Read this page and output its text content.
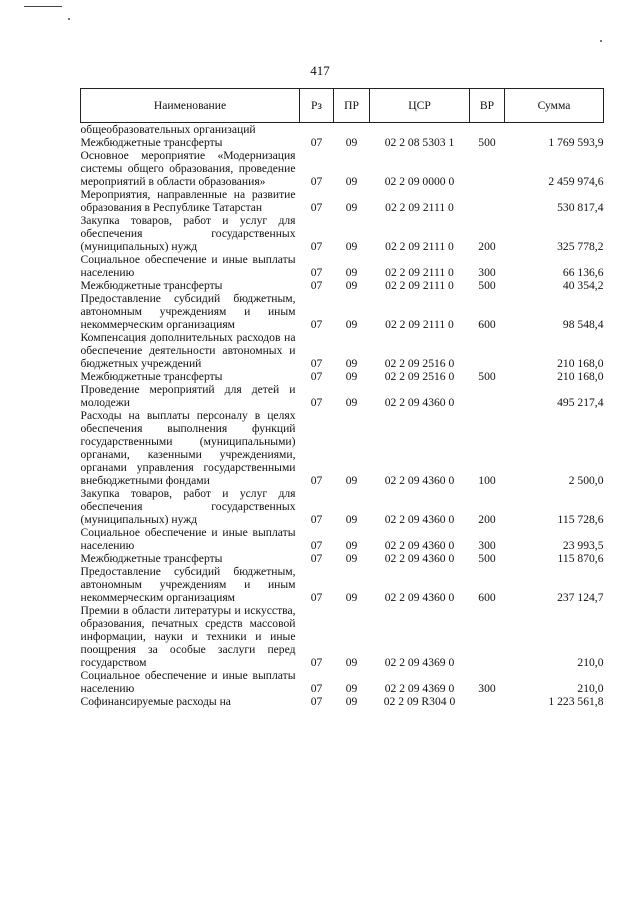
417
Наименование	Рз	ПР	ЦСР	ВР	Сумма
общеобразовательных организаций					
Межбюджетные трансферты	07	09	02 2 08 5303 1	500	1 769 593,9
Основное мероприятие «Модернизация системы общего образования, проведение мероприятий в области образования»	07	09	02 2 09 0000 0		2 459 974,6
Мероприятия, направленные на развитие образования в Республике Татарстан	07	09	02 2 09 2111 0		530 817,4
Закупка товаров, работ и услуг для обеспечения государственных (муниципальных) нужд	07	09	02 2 09 2111 0	200	325 778,2
Социальное обеспечение и иные выплаты населению	07	09	02 2 09 2111 0	300	66 136,6
Межбюджетные трансферты	07	09	02 2 09 2111 0	500	40 354,2
Предоставление субсидий бюджетным, автономным учреждениям и иным некоммерческим организациям	07	09	02 2 09 2111 0	600	98 548,4
Компенсация дополнительных расходов на обеспечение деятельности автономных и бюджетных учреждений	07	09	02 2 09 2516 0		210 168,0
Межбюджетные трансферты	07	09	02 2 09 2516 0	500	210 168,0
Проведение мероприятий для детей и молодежи	07	09	02 2 09 4360 0		495 217,4
Расходы на выплаты персоналу в целях обеспечения выполнения функций государственными (муниципальными) органами, казенными учреждениями, органами управления государственными внебюджетными фондами	07	09	02 2 09 4360 0	100	2 500,0
Закупка товаров, работ и услуг для обеспечения государственных (муниципальных) нужд	07	09	02 2 09 4360 0	200	115 728,6
Социальное обеспечение и иные выплаты населению	07	09	02 2 09 4360 0	300	23 993,5
Межбюджетные трансферты	07	09	02 2 09 4360 0	500	115 870,6
Предоставление субсидий бюджетным, автономным учреждениям и иным некоммерческим организациям	07	09	02 2 09 4360 0	600	237 124,7
Премии в области литературы и искусства, образования, печатных средств массовой информации, науки и техники и иные поощрения за особые заслуги перед государством	07	09	02 2 09 4369 0		210,0
Социальное обеспечение и иные выплаты населению	07	09	02 2 09 4369 0	300	210,0
Софинансируемые расходы на	07	09	02 2 09 R304 0		1 223 561,8
